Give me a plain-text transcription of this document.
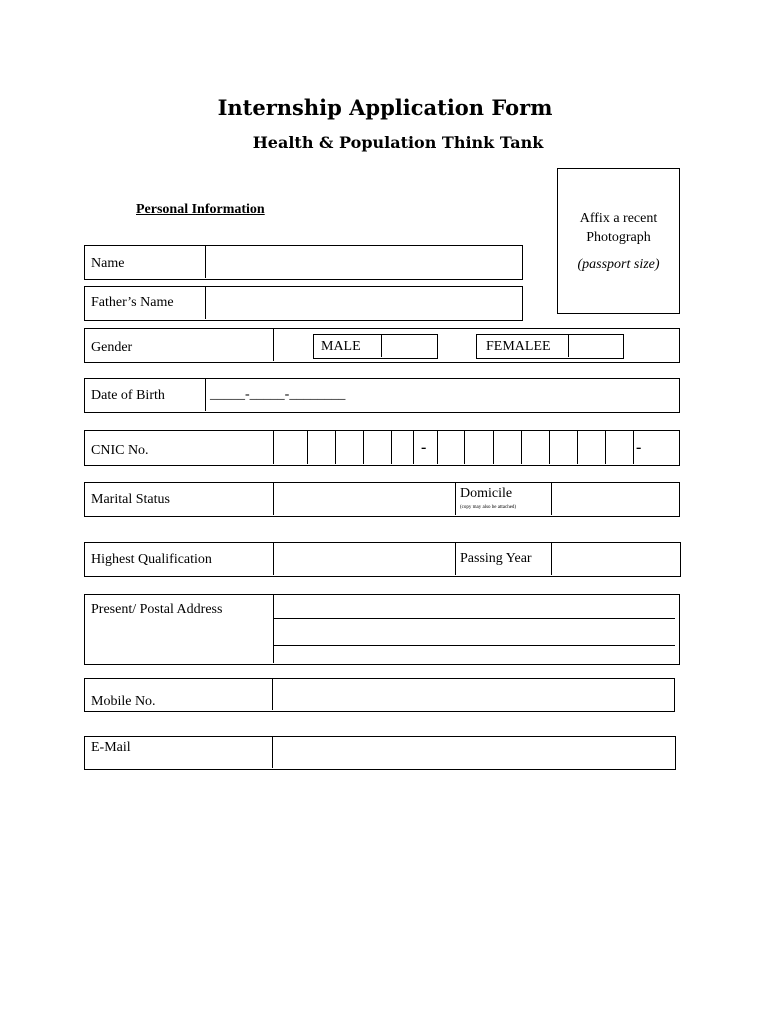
Internship Application Form
Health & Population Think Tank
Personal Information
Affix a recent
Photograph
(passport size)
Name
Father’s Name
Gender	MALE	FEMALEE
Date of Birth	_____-_____-________
CNIC No.	-	-
Marital Status	Domicile
(copy may also be attached)
Highest Qualification	Passing Year
Present/ Postal Address
Mobile No.
E-Mail
